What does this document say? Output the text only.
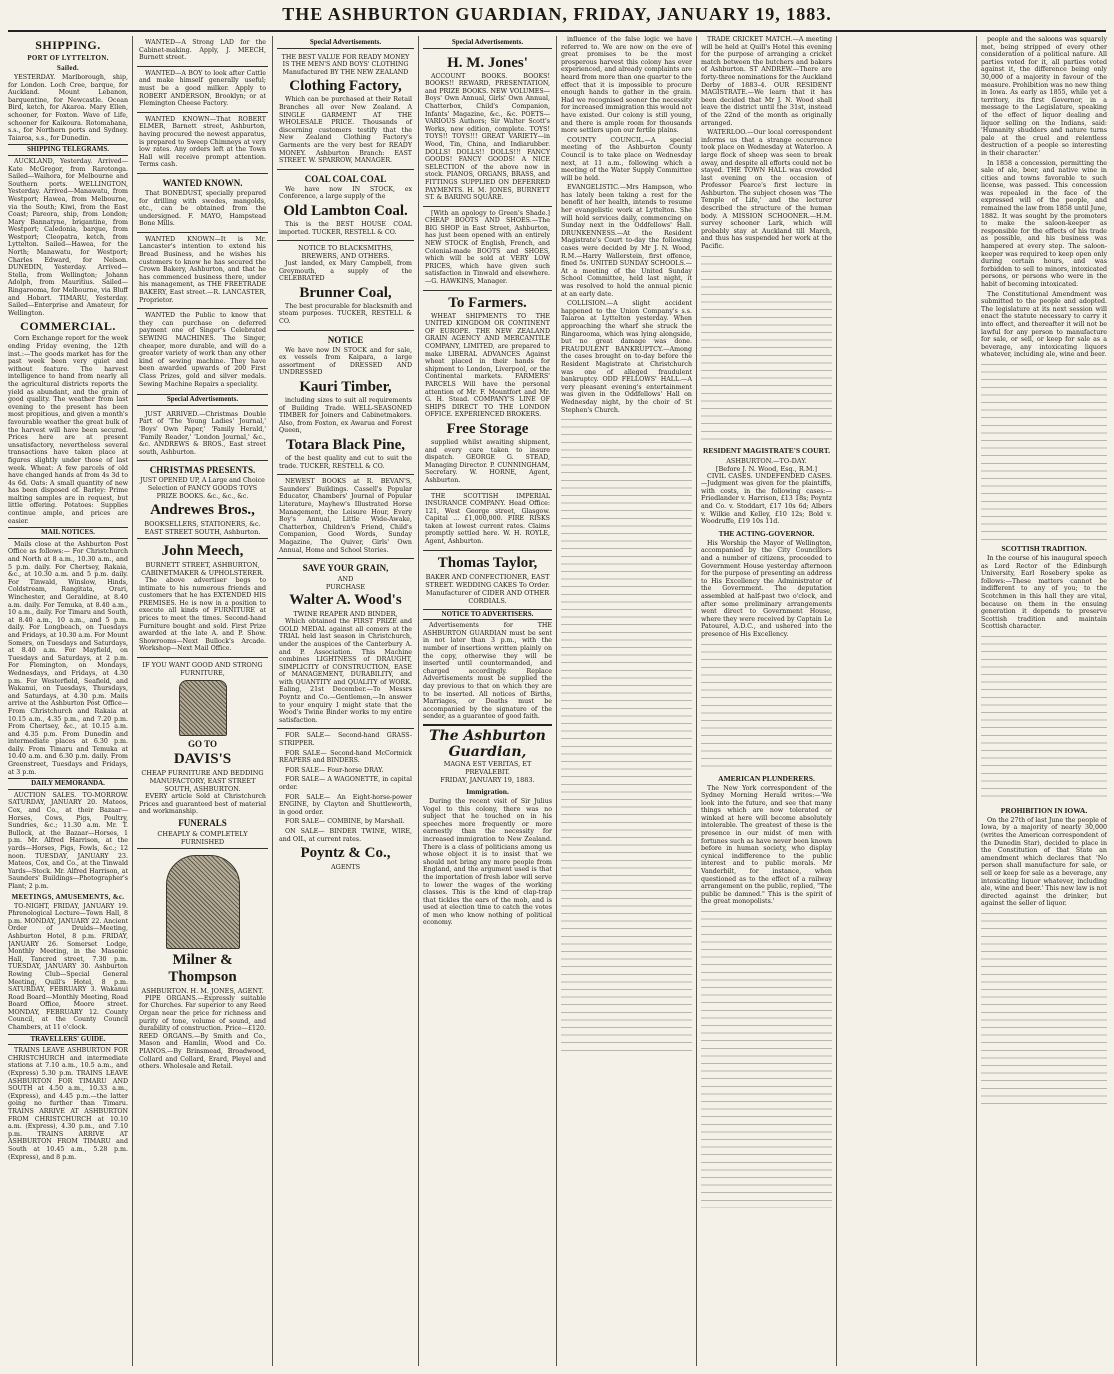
THE ASHBURTON GUARDIAN, FRIDAY, JANUARY 19, 1883.
SHIPPING.
PORT OF LYTTELTON.
Sailed.

YESTERDAY. Marlborough, ship, for London. Loch Cree, barque, for Auckland. Mount Lebanon, barquentine, for Newcastle. Ocean Bird, ketch, for Akaroa. Mary Ellen, schooner, for Foxton. Wave of Life, schooner for Kaikoura. Rotomahana, s.s., for Northern ports and Sydney. Taiaroa, s.s., for Dunedin.

SHIPPING TELEGRAMS.

AUCKLAND, Yesterday. Arrived—Kate McGregor, from Rarotonga. Sailed—Waihora, for Melbourne and Southern ports. WELLINGTON, Yesterday. Arrived—Manawatu, from Westport; Hawea, from Melbourne, via the South; Kiwi, from the East Coast; Pareora, ship, from London; Mary Bannatyne, brigantine, from Westport; Caledonia, barque, from Westport; Cleopatra, ketch, from Lyttelton. Sailed—Hawea, for the North; Manawatu, for Westport; Charles Edward, for Nelson. DUNEDIN, Yesterday. Arrived—Stella, from Wellington; Johann Adolph, from Mauritius. Sailed—Ringarooma, for Melbourne, via Bluff and Hobart. TIMARU, Yesterday. Sailed—Enterprise and Amateur, for Wellington.

COMMERCIAL.

Corn Exchange report for the week ending Friday evening, the 12th inst.:—The goods market has for the past week been very quiet and without feature. The harvest intelligence to hand from nearly all the agricultural districts reports the yield as abundant, and the grain of good quality. The weather from last evening to the present has been most propitious, and given a month's favourable weather the great bulk of the harvest will have been secured. Prices here are at present unsatisfactory, nevertheless several transactions have taken place at figures slightly under those of last week. Wheat: A few parcels of old have changed hands at from 4s 3d to 4s 6d. Oats: A small quantity of new has been disposed of. Barley: Prime malting samples are in request, but little offering. Potatoes: Supplies continue ample, and prices are easier.

MAIL NOTICES.

Mails close at the Ashburton Post Office as follows:— For Christchurch and North at 8 a.m., 10.30 a.m., and 5 p.m. daily. For Chertsey, Rakaia, &c., at 10.30 a.m. and 5 p.m. daily. For Tinwald, Winslow, Hinds, Coldstream, Rangitata, Orari, Winchester, and Geraldine, at 8.40 a.m. daily. For Temuka, at 8.40 a.m., 10 a.m., daily. For Timaru and South, at 8.40 a.m., 10 a.m., and 5 p.m. daily. For Longbeach, on Tuesdays and Fridays, at 10.30 a.m. For Mount Somers, on Tuesdays and Saturdays, at 8.40 a.m. For Mayfield, on Tuesdays and Saturdays, at 2 p.m. For Flemington, on Mondays, Wednesdays, and Fridays, at 4.30 p.m. For Westerfield, Seafield, and Wakanui, on Tuesdays, Thursdays, and Saturdays, at 4.30 p.m. Mails arrive at the Ashburton Post Office— From Christchurch and Rakaia at 10.15 a.m., 4.35 p.m., and 7.20 p.m. From Chertsey, &c., at 10.15 a.m. and 4.35 p.m. From Dunedin and intermediate places at 6.30 p.m. daily. From Timaru and Temuka at 10.40 a.m. and 6.30 p.m. daily. From Greenstreet, Tuesdays and Fridays, at 3 p.m.

DAILY MEMORANDA.

AUCTION SALES. TO-MORROW. SATURDAY, JANUARY 20. Mateos, Cox, and Co., at their Bazaar—Horses, Cows, Pigs, Poultry, Sundries, &c.; 11.30 a.m. Mr. T. Bullock, at the Bazaar—Horses, 1 p.m. Mr. Alfred Harrison, at the yards—Horses, Pigs, Fowls, &c.; 12 noon. TUESDAY, JANUARY 23. Mateos, Cox, and Co., at the Tinwald Yards—Stock. Mr. Alfred Harrison, at Saunders' Buildings—Photographer's Plant; 2 p.m.

MEETINGS, AMUSEMENTS, &c.

TO-NIGHT, FRIDAY, JANUARY 19. Phrenological Lecture—Town Hall, 8 p.m. MONDAY, JANUARY 22. Ancient Order of Druids—Meeting, Ashburton Hotel, 8 p.m. FRIDAY, JANUARY 26. Somerset Lodge, Monthly Meeting, in the Masonic Hall, Tancred street, 7.30 p.m. TUESDAY, JANUARY 30. Ashburton Rowing Club—Special General Meeting, Quill's Hotel, 8 p.m. SATURDAY, FEBRUARY 3. Wakanui Road Board—Monthly Meeting, Road Board Office, Moore street. MONDAY, FEBRUARY 12. County Council, at the County Council Chambers, at 11 o'clock.

TRAVELLERS' GUIDE.

TRAINS LEAVE ASHBURTON FOR CHRISTCHURCH and intermediate stations at 7.10 a.m., 10.5 a.m., and (Express) 5.30 p.m. TRAINS LEAVE ASHBURTON FOR TIMARU AND SOUTH at 4.50 a.m., 10.33 a.m., (Express), and 4.45 p.m.—the latter going no further than Timaru. TRAINS ARRIVE AT ASHBURTON FROM CHRISTCHURCH at 10.10 a.m. (Express), 4.30 p.m., and 7.10 p.m. TRAINS ARRIVE AT ASHBURTON FROM TIMARU and South at 10.45 a.m., 5.28 p.m. (Express), and 8 p.m.

WANTED—A Strong LAD for the Cabinet-making. Apply, J. MEECH, Burnett street.

WANTED—A BOY to look after Cattle and make himself generally useful; must be a good milker. Apply to ROBERT ANDERSON, Brooklyn; or at Flemington Cheese Factory.

WANTED KNOWN—That ROBERT ELMER, Barnett street, Ashburton, having procured the newest apparatus, is prepared to Sweep Chimneys at very low rates. Any orders left at the Town Hall will receive prompt attention. Terms cash.

WANTED KNOWN.

That BONEDUST, specially prepared for drilling with swedes, mangolds, etc., can be obtained from the undersigned. F. MAYO, Hampstead Bone Mills.

WANTED KNOWN—It is Mr. Lancaster's intention to extend his Bread Business, and he wishes his customers to know he has secured the Crown Bakery, Ashburton, and that he has commenced business there, under his management, as THE FREETRADE BAKERY, East street.—R. LANCASTER, Proprietor.

WANTED the Public to know that they can purchase on deferred payment one of Singer's Celebrated SEWING MACHINES. The Singer, cheaper, more durable, and will do a greater variety of work than any other kind of sewing machine. They have been awarded upwards of 200 First Class Prizes, gold and silver medals. Sewing Machine Repairs a speciality.

Special Advertisements.

JUST ARRIVED.—Christmas Double Part of 'The Young Ladies' Journal,' 'Boys' Own Paper,' 'Family Herald,' 'Family Reader,' 'London Journal,' &c., &c. ANDREWS & BROS., East street south, Ashburton.

CHRISTMAS PRESENTS.

JUST OPENED UP, A Large and Choice Selection of FANCY GOODS TOYS PRIZE BOOKS. &c., &c., &c.

Andrewes Bros.,
BOOKSELLERS, STATIONERS, &c. EAST STREET SOUTH, Ashburton.
John Meech,
BURNETT STREET, ASHBURTON, CABINETMAKER & UPHOLSTERER.

The above advertiser begs to intimate to his numerous friends and customers that he has EXTENDED HIS PREMISES. He is now in a position to execute all kinds of FURNITURE at prices to meet the times. Second-hand Furniture bought and sold. First Prize awarded at the late A. and P. Show. Showrooms—Next Bullock's Arcade. Workshop—Next Mail Office.

IF YOU WANT GOOD AND STRONG FURNITURE,
GO TO
DAVIS'S
CHEAP FURNITURE AND BEDDING MANUFACTORY, EAST STREET SOUTH, ASHBURTON.

EVERY article Sold at Christchurch Prices and guaranteed best of material and workmanship.

FUNERALS
CHEAPLY & COMPLETELY FURNISHED
Milner & Thompson
ASHBURTON. H. M. JONES, AGENT.

PIPE ORGANS.—Expressly suitable for Churches. Far superior to any Reed Organ near the price for richness and purity of tone, volume of sound, and durability of construction. Price—£120. REED ORGANS.—By Smith and Co., Mason and Hamlin, Wood and Co. PIANOS.—By Brinsmead, Broadwood, Collard and Collard, Erard, Pleyel and others. Wholesale and Retail.

Special Advertisements.

THE BEST VALUE FOR READY MONEY IS THE MEN'S AND BOYS' CLOTHING Manufactured BY THE NEW ZEALAND

Clothing Factory,

Which can be purchased at their Retail Branches all over New Zealand. A SINGLE GARMENT AT THE WHOLESALE PRICE. Thousands of discerning customers testify that the New Zealand Clothing Factory's Garments are the very best for READY MONEY. Ashburton Branch: EAST STREET. W. SPARROW, MANAGER.

COAL COAL COAL

We have now IN STOCK, ex Conference, a large supply of the

Old Lambton Coal.

This is the BEST HOUSE COAL imported. TUCKER, RESTELL & CO.

NOTICE TO BLACKSMITHS, BREWERS, AND OTHERS.

Just landed, ex Mary Campbell, from Greymouth, a supply of the CELEBRATED

Brunner Coal,

The best procurable for blacksmith and steam purposes. TUCKER, RESTELL & CO.

NOTICE

We have now IN STOCK and for sale, ex vessels from Kaipara, a large assortment of DRESSED AND UNDRESSED

Kauri Timber,

including sizes to suit all requirements of Building Trade. WELL-SEASONED TIMBER for Joiners and Cabinetmakers. Also, from Foxton, ex Awarua and Forest Queen,

Totara Black Pine,

of the best quality and cut to suit the trade. TUCKER, RESTELL & CO.

NEWEST BOOKS at R. BEVAN'S, Saunders' Buildings. Cassell's Popular Educator, Chambers' Journal of Popular Literature, Mayhew's Illustrated Horse Management, the Leisure Hour, Every Boy's Annual, Little Wide-Awake, Chatterbox, Children's Friend, Child's Companion, Good Words, Sunday Magazine, The Quiver, Girls' Own Annual, Home and School Stories.

SAVE YOUR GRAIN,
AND
PURCHASE
Walter A. Wood's
TWINE REAPER AND BINDER,

Which obtained the FIRST PRIZE and GOLD MEDAL against all comers at the TRIAL held last season in Christchurch, under the auspices of the Canterbury A. and P. Association. This Machine combines LIGHTNESS of DRAUGHT, SIMPLICITY of CONSTRUCTION, EASE of MANAGEMENT, DURABILITY, and with QUANTITY and QUALITY of WORK. Ealing, 21st December.—To Messrs Poyntz and Co.—Gentlemen,—In answer to your enquiry I might state that the Wood's Twine Binder works to my entire satisfaction.

FOR SALE— Second-hand GRASS-STRIPPER.

FOR SALE— Second-hand McCormick REAPERS and BINDERS.

FOR SALE— Four-horse DRAY.

FOR SALE— A WAGONETTE, in capital order.

FOR SALE— An Eight-horse-power ENGINE, by Clayton and Shuttleworth, in good order.

FOR SALE— COMBINE, by Marshall.

ON SALE— BINDER TWINE, WIRE, and OIL, at current rates.

Poyntz & Co.,
AGENTS
Special Advertisements.
H. M. Jones'

ACCOUNT BOOKS. BOOKS! BOOKS!! REWARD, PRESENTATION, and PRIZE BOOKS. NEW VOLUMES— Boys' Own Annual, Girls' Own Annual, Chatterbox, Child's Companion, Infants' Magazine, &c., &c. POETS— VARIOUS Authors; Sir Walter Scott's Works, new edition, complete. TOYS! TOYS!! TOYS!!! GREAT VARIETY—in Wood, Tin, China, and Indiarubber. DOLLS! DOLLS!! DOLLS!!! FANCY GOODS! FANCY GOODS! A NICE SELECTION of the above now in stock. PIANOS, ORGANS, BRASS, and FITTINGS SUPPLIED ON DEFERRED PAYMENTS. H. M. JONES, BURNETT ST. & BARING SQUARE.

[With an apology to Green's Shade.] CHEAP BOOTS AND SHOES.—The BIG SHOP in East Street, Ashburton, has just been opened with an entirely NEW STOCK of English, French, and Colonial-made BOOTS and SHOES, which will be sold at VERY LOW PRICES, which have given such satisfaction in Tinwald and elsewhere.—G. HAWKINS, Manager.

To Farmers.

WHEAT SHIPMENTS TO THE UNITED KINGDOM OR CONTINENT OF EUROPE. THE NEW ZEALAND GRAIN AGENCY AND MERCANTILE COMPANY, LIMITED, are prepared to make LIBERAL ADVANCES Against wheat placed in their hands for shipment to London, Liverpool, or the Continental markets. FARMERS' PARCELS Will have the personal attention of Mr. F. Mountfort and Mr. G. H. Stead. COMPANY'S LINE OF SHIPS DIRECT TO THE LONDON OFFICE. EXPERIENCED BROKERS.

Free Storage

supplied whilst awaiting shipment, and every care taken to insure dispatch. GEORGE G. STEAD, Managing Director. P. CUNNINGHAM, Secretary. W. HORNE, Agent, Ashburton.

THE SCOTTISH IMPERIAL INSURANCE COMPANY. Head Office: 121, West George street, Glasgow. Capital ... £1,000,000. FIRE RISKS taken at lowest current rates. Claims promptly settled here. W. H. ROYLE, Agent, Ashburton.

Thomas Taylor,
BAKER AND CONFECTIONER, EAST STREET. WEDDING CAKES To Order. Manufacturer of CIDER AND OTHER CORDIALS.
NOTICE TO ADVERTISERS.

Advertisements for THE ASHBURTON GUARDIAN must be sent in not later than 3 p.m., with the number of insertions written plainly on the copy, otherwise they will be inserted until countermanded, and charged accordingly. Replace Advertisements must be supplied the day previous to that on which they are to be inserted. All notices of Births, Marriages, or Deaths must be accompanied by the signature of the sender, as a guarantee of good faith.

The Ashburton Guardian,
MAGNA EST VERITAS, ET PREVALEBIT.
FRIDAY, JANUARY 19, 1883.
Immigration.

During the recent visit of Sir Julius Vogel to this colony, there was no subject that he touched on in his speeches more frequently or more earnestly than the necessity for increased immigration to New Zealand. There is a class of politicians among us whose object it is to insist that we should not bring any more people from England, and the argument used is that the importation of fresh labor will serve to lower the wages of the working classes. This is the kind of clap-trap that tickles the ears of the mob, and is used at election time to catch the votes of men who know nothing of political economy.

influence of the false logic we have referred to. We are now on the eve of great promises to be the most prosperous harvest this colony has ever experienced, and already complaints are heard from more than one quarter to the effect that it is impossible to procure enough hands to gather in the grain. Had we recognised sooner the necessity for increased immigration this would not have existed. Our colony is still young, and there is ample room for thousands more settlers upon our fertile plains.

COUNTY COUNCIL.—A special meeting of the Ashburton County Council is to take place on Wednesday next, at 11 a.m., following which a meeting of the Water Supply Committee will be held.

EVANGELISTIC.—Mrs Hampson, who has lately been taking a rest for the benefit of her health, intends to resume her evangelistic work at Lyttelton. She will hold services daily, commencing on Sunday next in the Oddfellows' Hall. DRUNKENNESS.—At the Resident Magistrate's Court to-day the following cases were decided by Mr J. N. Wood, R.M.—Harry Wallerstein, first offence, fined 5s. UNITED SUNDAY SCHOOLS.—At a meeting of the United Sunday School Committee, held last night, it was resolved to hold the annual picnic at an early date.

COLLISION.—A slight accident happened to the Union Company's s.s. Taiaroa at Lyttelton yesterday. When approaching the wharf she struck the Ringarooma, which was lying alongside, but no great damage was done. FRAUDULENT BANKRUPTCY.—Among the cases brought on to-day before the Resident Magistrate at Christchurch was one of alleged fraudulent bankruptcy. ODD FELLOWS' HALL.—A very pleasant evening's entertainment was given in the Oddfellows' Hall on Wednesday night, by the choir of St Stephen's Church.

TRADE CRICKET MATCH.—A meeting will be held at Quill's Hotel this evening for the purpose of arranging a cricket match between the butchers and bakers of Ashburton. ST ANDREW.—There are forty-three nominations for the Auckland Derby of 1883–4. OUR RESIDENT MAGISTRATE.—We learn that it has been decided that Mr J. N. Wood shall leave the district until the 31st, instead of the 22nd of the month as originally arranged.

WATERLOO.—Our local correspondent informs us that a strange occurrence took place on Wednesday at Waterloo. A large flock of sheep was seen to break away, and despite all efforts could not be stayed. THE TOWN HALL was crowded last evening on the occasion of Professor Pearce's first lecture in Ashburton. The subject chosen was 'The Temple of Life,' and the lecturer described the structure of the human body. A MISSION SCHOONER.—H.M. survey schooner Lark, which will probably stay at Auckland till March, and thus has suspended her work at the Pacific.

RESIDENT MAGISTRATE'S COURT.
ASHBURTON.—TO-DAY.
[Before J. N. Wood, Esq., R.M.]

CIVIL CASES. UNDEFENDED CASES.—Judgment was given for the plaintiffs, with costs, in the following cases:—Friedlander v. Harrison, £13 18s; Poyntz and Co. v. Stoddart, £17 10s 6d; Albers v. Wilkie and Kelley, £10 12s; Bold v. Woodruffe, £19 10s 11d.

THE ACTING-GOVERNOR.

His Worship the Mayor of Wellington, accompanied by the City Councillors and a number of citizens, proceeded to Government House yesterday afternoon for the purpose of presenting an address to His Excellency the Administrator of the Government. The deputation assembled at half-past two o'clock, and after some preliminary arrangements went direct to Government House, where they were received by Captain Le Patourel, A.D.C., and ushered into the presence of His Excellency.

AMERICAN PLUNDERERS.

The New York correspondent of the Sydney Morning Herald writes:—'We look into the future, and see that many things which are now tolerated or winked at here will become absolutely intolerable. The greatest of these is the presence in our midst of men with fortunes such as have never been known before in human society, who display cynical indifference to the public interest and to public morals. Mr Vanderbilt, for instance, when questioned as to the effect of a railway arrangement on the public, replied, "The public be damned." This is the spirit of the great monopolists.'

people and the saloons was squarely met, being stripped of every other consideration of a political nature. All parties voted for it, all parties voted against it, the difference being only 30,000 of a majority in favour of the measure. Prohibition was no new thing in Iowa. As early as 1855, while yet a territory, its first Governor, in a message to the Legislature, speaking of the effect of liquor dealing and liquor selling on the Indians, said: 'Humanity shudders and nature turns pale at the cruel and relentless destruction of a people so interesting in their character.'

In 1858 a concession, permitting the sale of ale, beer, and native wine in cities and towns favorable to such license, was passed. This concession was repealed in the face of the expressed will of the people, and remained the law from 1858 until June, 1882. It was sought by the promoters to make the saloon-keeper as responsible for the effects of his trade as possible, and his business was hampered at every step. The saloon-keeper was required to keep open only during certain hours, and was forbidden to sell to minors, intoxicated persons, or persons who were in the habit of becoming intoxicated.

The Constitutional Amendment was submitted to the people and adopted. The legislature at its next session will enact the statute necessary to carry it into effect, and thereafter it will not be lawful for any person to manufacture for sale, or sell, or keep for sale as a beverage, any intoxicating liquors whatever, including ale, wine and beer.

SCOTTISH TRADITION.

In the course of his inaugural speech as Lord Rector of the Edinburgh University, Earl Rosebery spoke as follows:—These matters cannot be indifferent to any of you; to the Scotchmen in this hall they are vital, because on them in the ensuing generation it depends to preserve Scottish tradition and maintain Scottish character.

PROHIBITION IN IOWA.

On the 27th of last June the people of Iowa, by a majority of nearly 30,000 (writes the American correspondent of the Dunedin Star), decided to place in the Constitution of that State an amendment which declares that 'No person shall manufacture for sale, or sell or keep for sale as a beverage, any intoxicating liquor whatever, including ale, wine and beer.' This new law is not directed against the drinker, but against the seller of liquor.
